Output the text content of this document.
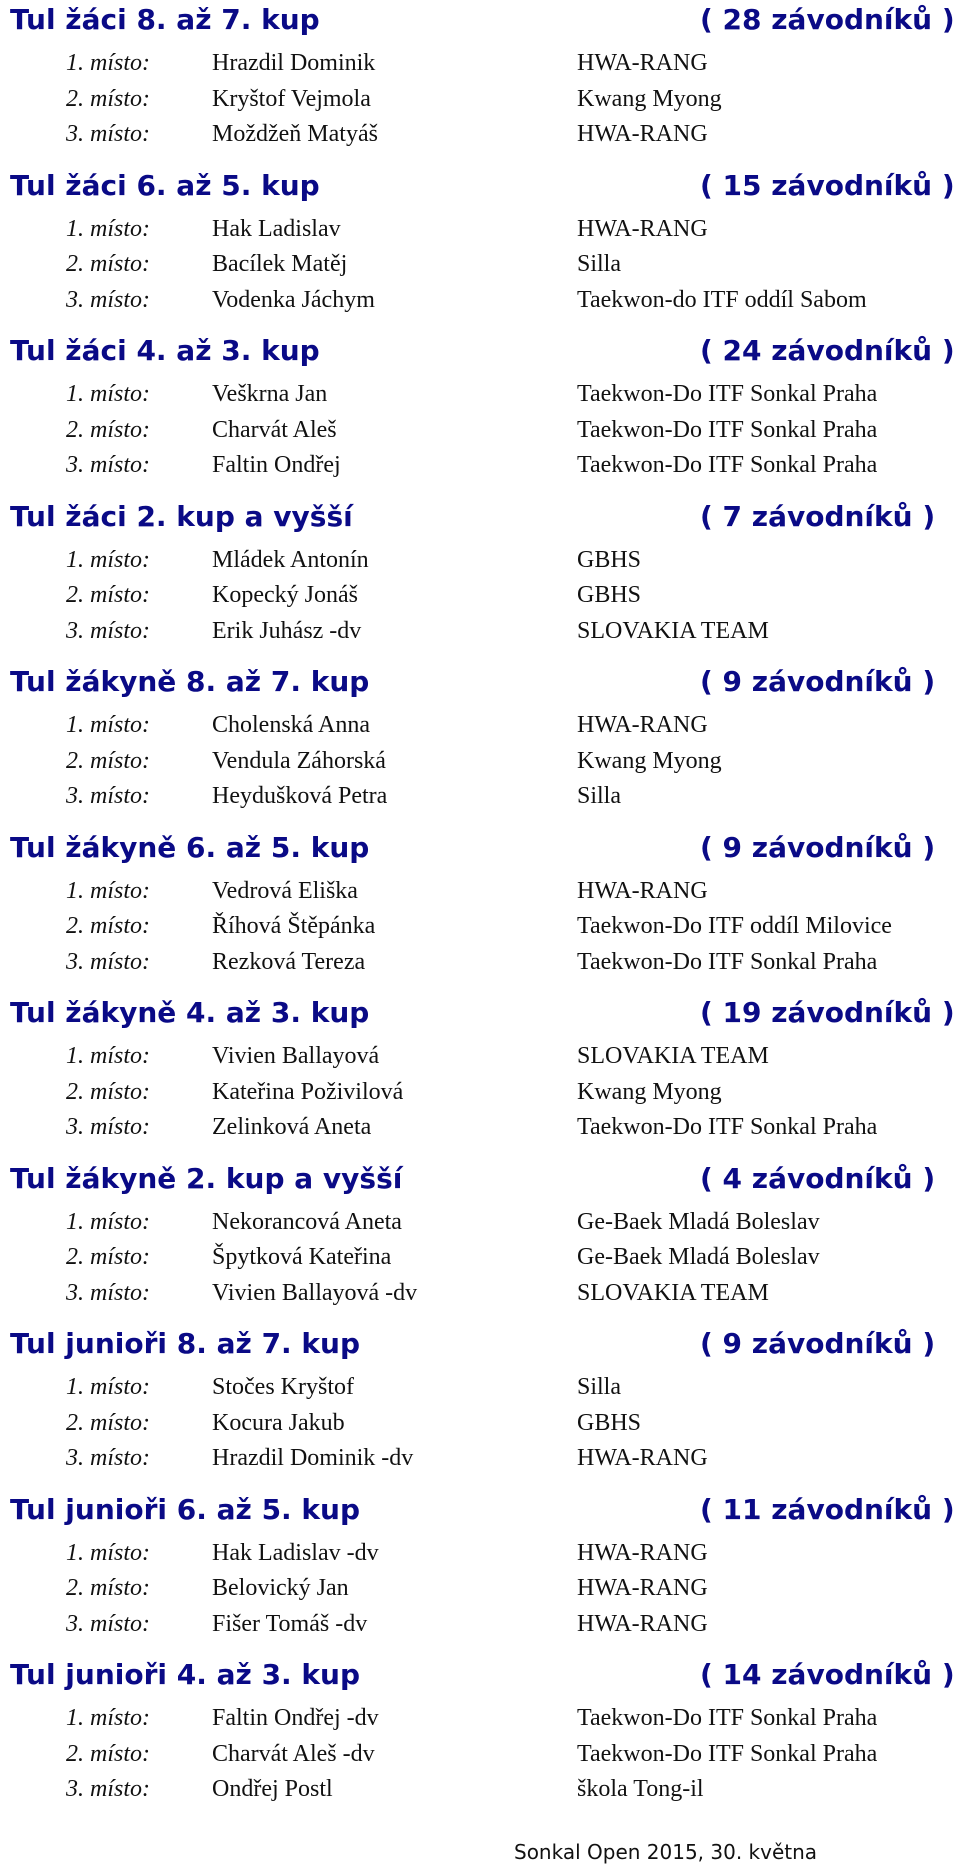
Tul žáci 8. až 7. kup	( 28 závodníků )
1. místo:	Hrazdil Dominik	HWA-RANG
2. místo:	Kryštof Vejmola	Kwang Myong
3. místo:	Moždžeň Matyáš	HWA-RANG
Tul žáci 6. až 5. kup	( 15 závodníků )
1. místo:	Hak Ladislav	HWA-RANG
2. místo:	Bacílek Matěj	Silla
3. místo:	Vodenka Jáchym	Taekwon-do ITF oddíl Sabom
Tul žáci 4. až 3. kup	( 24 závodníků )
1. místo:	Veškrna Jan	Taekwon-Do ITF Sonkal Praha
2. místo:	Charvát Aleš	Taekwon-Do ITF Sonkal Praha
3. místo:	Faltin Ondřej	Taekwon-Do ITF Sonkal Praha
Tul žáci 2. kup a vyšší	( 7 závodníků )
1. místo:	Mládek Antonín	GBHS
2. místo:	Kopecký Jonáš	GBHS
3. místo:	Erik Juhász -dv	SLOVAKIA TEAM
Tul žákyně 8. až 7. kup	( 9 závodníků )
1. místo:	Cholenská Anna	HWA-RANG
2. místo:	Vendula Záhorská	Kwang Myong
3. místo:	Heydušková Petra	Silla
Tul žákyně 6. až 5. kup	( 9 závodníků )
1. místo:	Vedrová Eliška	HWA-RANG
2. místo:	Říhová Štěpánka	Taekwon-Do ITF oddíl Milovice
3. místo:	Rezková Tereza	Taekwon-Do ITF Sonkal Praha
Tul žákyně 4. až 3. kup	( 19 závodníků )
1. místo:	Vivien Ballayová	SLOVAKIA TEAM
2. místo:	Kateřina Poživilová	Kwang Myong
3. místo:	Zelinková Aneta	Taekwon-Do ITF Sonkal Praha
Tul žákyně 2. kup a vyšší	( 4 závodníků )
1. místo:	Nekorancová Aneta	Ge-Baek Mladá Boleslav
2. místo:	Špytková Kateřina	Ge-Baek Mladá Boleslav
3. místo:	Vivien Ballayová -dv	SLOVAKIA TEAM
Tul junioři 8. až 7. kup	( 9 závodníků )
1. místo:	Stočes Kryštof	Silla
2. místo:	Kocura Jakub	GBHS
3. místo:	Hrazdil Dominik -dv	HWA-RANG
Tul junioři 6. až 5. kup	( 11 závodníků )
1. místo:	Hak Ladislav -dv	HWA-RANG
2. místo:	Belovický Jan	HWA-RANG
3. místo:	Fišer Tomáš -dv	HWA-RANG
Tul junioři 4. až 3. kup	( 14 závodníků )
1. místo:	Faltin Ondřej -dv	Taekwon-Do ITF Sonkal Praha
2. místo:	Charvát Aleš -dv	Taekwon-Do ITF Sonkal Praha
3. místo:	Ondřej Postl	škola Tong-il
Sonkal Open 2015, 30. května
